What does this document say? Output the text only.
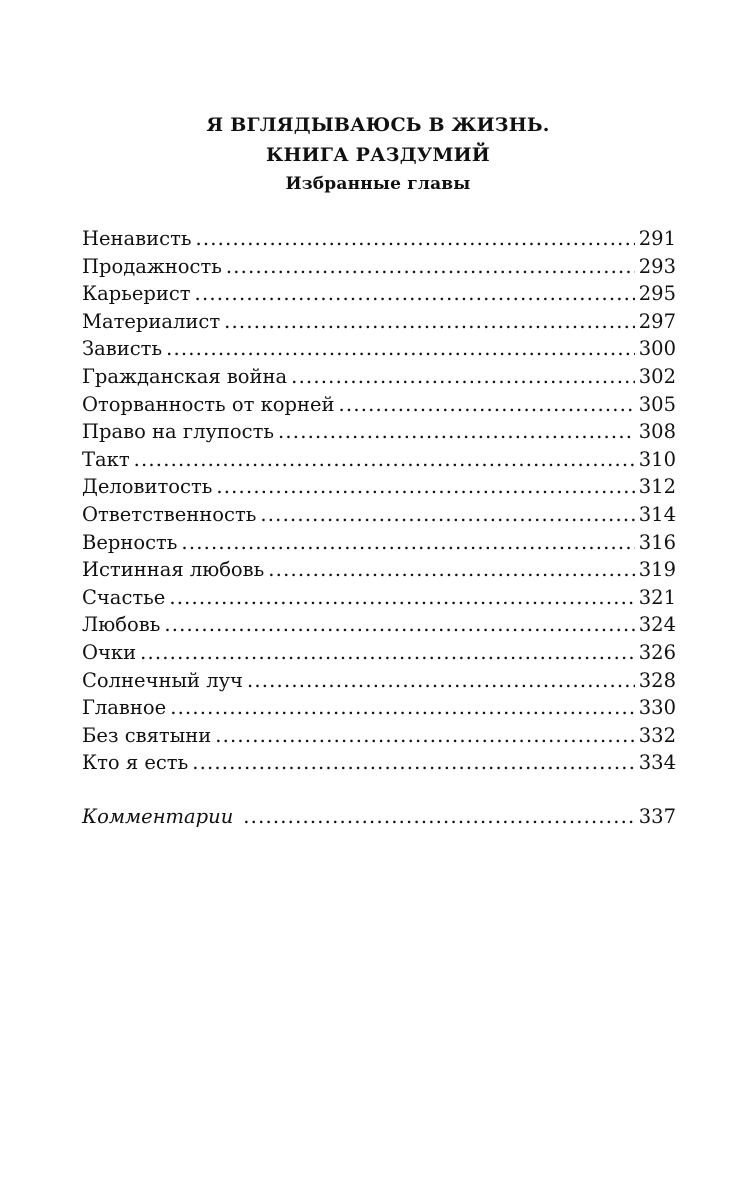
Я ВГЛЯДЫВАЮСЬ В ЖИЗНЬ.
КНИГА РАЗДУМИЙ
Избранные главы
Ненависть .....	291
Продажность .....	293
Карьерист .....	295
Материалист .....	297
Зависть .....	300
Гражданская война .....	302
Оторванность от корней .....	305
Право на глупость .....	308
Такт .....	310
Деловитость .....	312
Ответственность .....	314
Верность .....	316
Истинная любовь .....	319
Счастье .....	321
Любовь .....	324
Очки .....	326
Солнечный луч .....	328
Главное .....	330
Без святыни .....	332
Кто я есть .....	334
Комментарии .....	337
